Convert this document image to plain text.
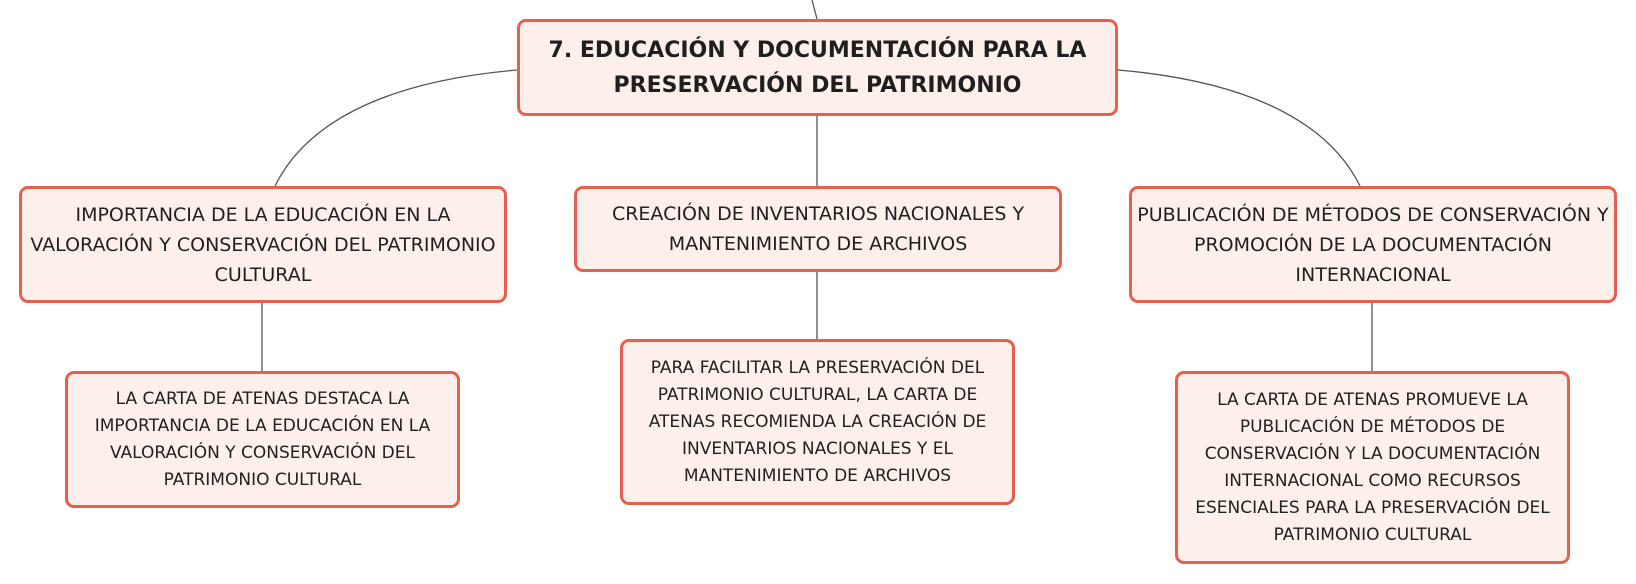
7. EDUCACIÓN Y DOCUMENTACIÓN PARA LA PRESERVACIÓN DEL PATRIMONIO
IMPORTANCIA DE LA EDUCACIÓN EN LA VALORACIÓN Y CONSERVACIÓN DEL PATRIMONIO CULTURAL
CREACIÓN DE INVENTARIOS NACIONALES Y MANTENIMIENTO DE ARCHIVOS
PUBLICACIÓN DE MÉTODOS DE CONSERVACIÓN Y PROMOCIÓN DE LA DOCUMENTACIÓN INTERNACIONAL
LA CARTA DE ATENAS DESTACA LA IMPORTANCIA DE LA EDUCACIÓN EN LA VALORACIÓN Y CONSERVACIÓN DEL PATRIMONIO CULTURAL
PARA FACILITAR LA PRESERVACIÓN DEL PATRIMONIO CULTURAL, LA CARTA DE ATENAS RECOMIENDA LA CREACIÓN DE INVENTARIOS NACIONALES Y EL MANTENIMIENTO DE ARCHIVOS
LA CARTA DE ATENAS PROMUEVE LA PUBLICACIÓN DE MÉTODOS DE CONSERVACIÓN Y LA DOCUMENTACIÓN INTERNACIONAL COMO RECURSOS ESENCIALES PARA LA PRESERVACIÓN DEL PATRIMONIO CULTURAL
